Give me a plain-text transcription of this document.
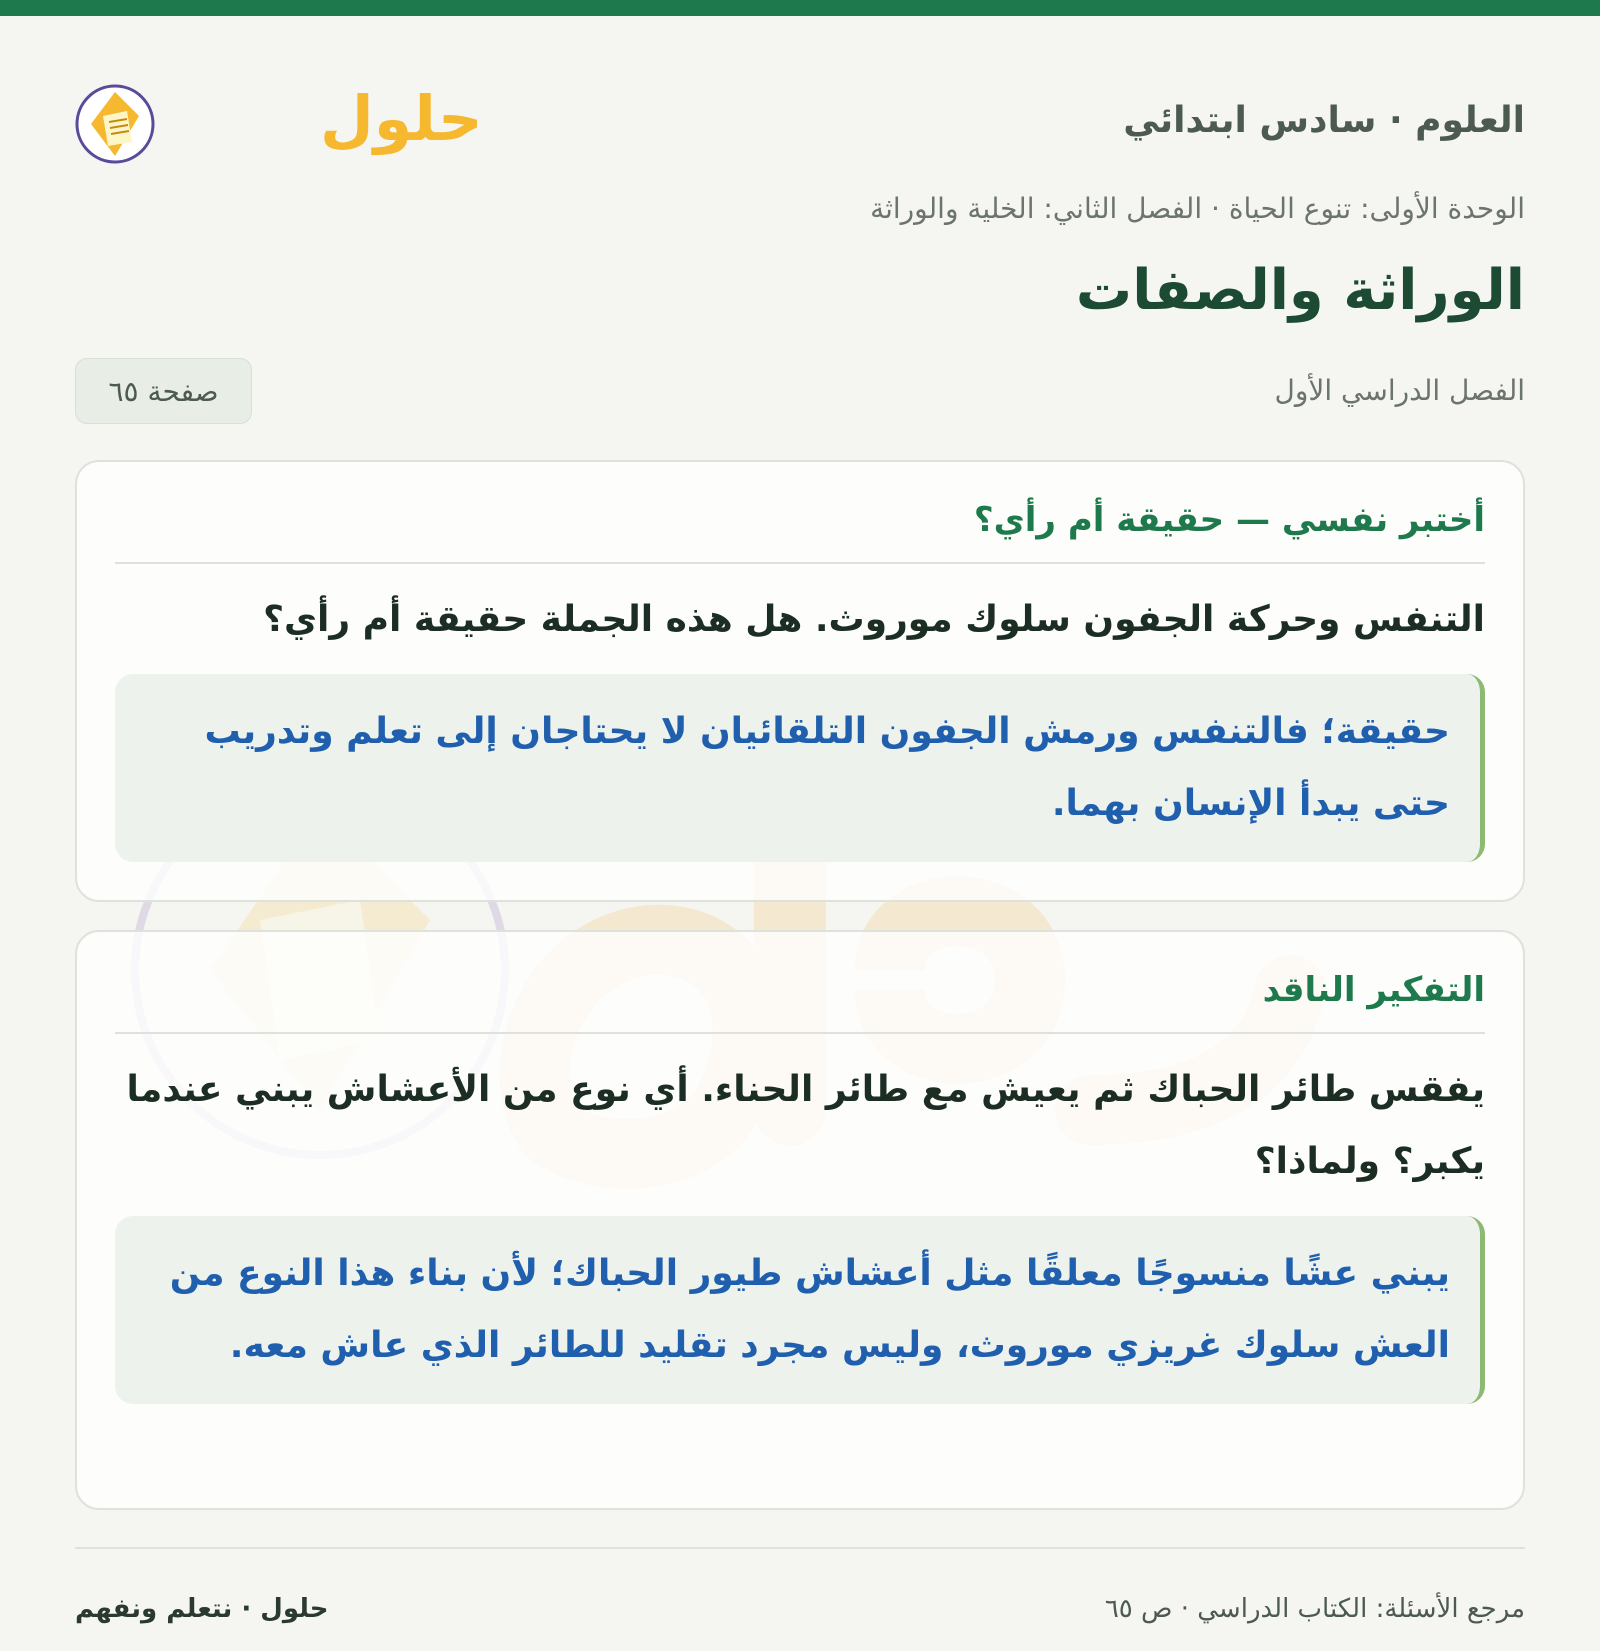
العلوم · سادس ابتدائي
حلول
الوحدة الأولى: تنوع الحياة · الفصل الثاني: الخلية والوراثة
الوراثة والصفات
الفصل الدراسي الأول
صفحة ٦٥
أختبر نفسي — حقيقة أم رأي؟

التنفس وحركة الجفون سلوك موروث. هل هذه الجملة حقيقة أم رأي؟

حقيقة؛ فالتنفس ورمش الجفون التلقائيان لا يحتاجان إلى تعلم وتدريب حتى يبدأ الإنسان بهما.
التفكير الناقد

يفقس طائر الحباك ثم يعيش مع طائر الحناء. أي نوع من الأعشاش يبني عندما يكبر؟ ولماذا؟

يبني عشًا منسوجًا معلقًا مثل أعشاش طيور الحباك؛ لأن بناء هذا النوع من العش سلوك غريزي موروث، وليس مجرد تقليد للطائر الذي عاش معه.
مرجع الأسئلة: الكتاب الدراسي · ص ٦٥
حلول · نتعلم ونفهم
